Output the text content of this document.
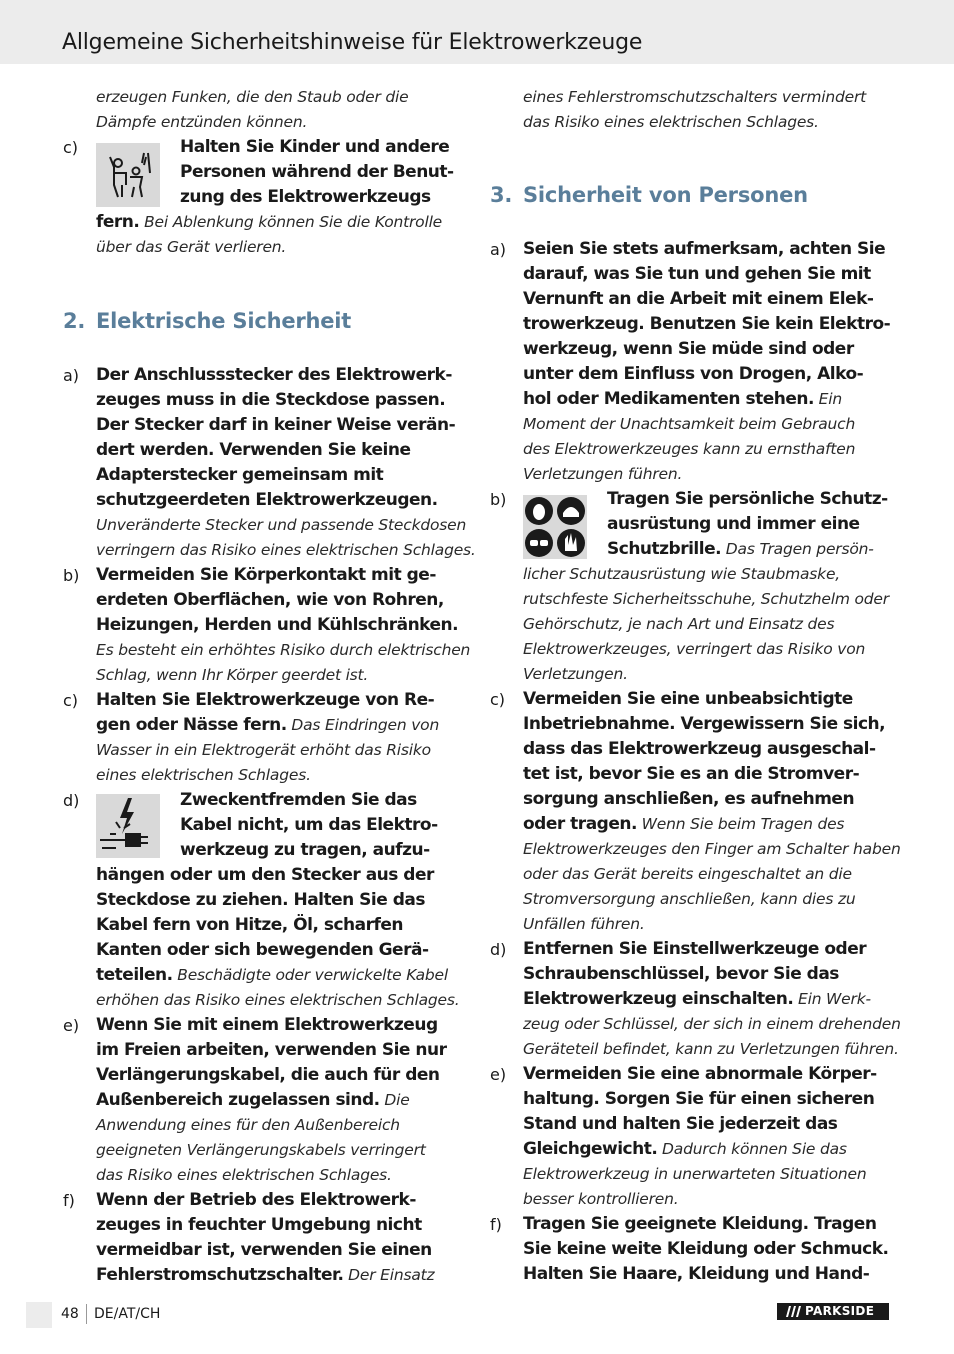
Allgemeine Sicherheitshinweise für Elektrowerkzeuge
erzeugen Funken, die den Staub oder die
Dämpfe entzünden können.
c)	Halten Sie Kinder und andere
Personen während der Benut-
zung des Elektrowerkzeugs
fern. Bei Ablenkung können Sie die Kontrolle
über das Gerät verlieren.
2. Elektrische Sicherheit
a) Der Anschlussstecker des Elektrowerk-
zeuges muss in die Steckdose passen.
Der Stecker darf in keiner Weise verän-
dert werden. Verwenden Sie keine
Adapterstecker gemeinsam mit
schutzgeerdeten Elektrowerkzeugen.
Unveränderte Stecker und passende Steckdosen
verringern das Risiko eines elektrischen Schlages.
b) Vermeiden Sie Körperkontakt mit ge-
erdeten Oberflächen, wie von Rohren,
Heizungen, Herden und Kühlschränken.
Es besteht ein erhöhtes Risiko durch elektrischen
Schlag, wenn Ihr Körper geerdet ist.
c) Halten Sie Elektrowerkzeuge von Re-
gen oder Nässe fern. Das Eindringen von
Wasser in ein Elektrogerät erhöht das Risiko
eines elektrischen Schlages.
d)	Zweckentfremden Sie das
Kabel nicht, um das Elektro-
werkzeug zu tragen, aufzu-
hängen oder um den Stecker aus der
Steckdose zu ziehen. Halten Sie das
Kabel fern von Hitze, Öl, scharfen
Kanten oder sich bewegenden Gerä-
teteilen. Beschädigte oder verwickelte Kabel
erhöhen das Risiko eines elektrischen Schlages.
e) Wenn Sie mit einem Elektrowerkzeug
im Freien arbeiten, verwenden Sie nur
Verlängerungskabel, die auch für den
Außenbereich zugelassen sind. Die
Anwendung eines für den Außenbereich
geeigneten Verlängerungskabels verringert
das Risiko eines elektrischen Schlages.
f) Wenn der Betrieb des Elektrowerk-
zeuges in feuchter Umgebung nicht
vermeidbar ist, verwenden Sie einen
Fehlerstromschutzschalter. Der Einsatz
eines Fehlerstromschutzschalters vermindert
das Risiko eines elektrischen Schlages.
3. Sicherheit von Personen
a) Seien Sie stets aufmerksam, achten Sie
darauf, was Sie tun und gehen Sie mit
Vernunft an die Arbeit mit einem Elek-
trowerkzeug. Benutzen Sie kein Elektro-
werkzeug, wenn Sie müde sind oder
unter dem Einfluss von Drogen, Alko-
hol oder Medikamenten stehen. Ein
Moment der Unachtsamkeit beim Gebrauch
des Elektrowerkzeuges kann zu ernsthaften
Verletzungen führen.
b)	Tragen Sie persönliche Schutz-
ausrüstung und immer eine
Schutzbrille. Das Tragen persön-
licher Schutzausrüstung wie Staubmaske,
rutschfeste Sicherheitsschuhe, Schutzhelm oder
Gehörschutz, je nach Art und Einsatz des
Elektrowerkzeuges, verringert das Risiko von
Verletzungen.
c) Vermeiden Sie eine unbeabsichtigte
Inbetriebnahme. Vergewissern Sie sich,
dass das Elektrowerkzeug ausgeschal-
tet ist, bevor Sie es an die Stromver-
sorgung anschließen, es aufnehmen
oder tragen. Wenn Sie beim Tragen des
Elektrowerkzeuges den Finger am Schalter haben
oder das Gerät bereits eingeschaltet an die
Stromversorgung anschließen, kann dies zu
Unfällen führen.
d) Entfernen Sie Einstellwerkzeuge oder
Schraubenschlüssel, bevor Sie das
Elektrowerkzeug einschalten. Ein Werk-
zeug oder Schlüssel, der sich in einem drehenden
Geräteteil befindet, kann zu Verletzungen führen.
e) Vermeiden Sie eine abnormale Körper-
haltung. Sorgen Sie für einen sicheren
Stand und halten Sie jederzeit das
Gleichgewicht. Dadurch können Sie das
Elektrowerkzeug in unerwarteten Situationen
besser kontrollieren.
f) Tragen Sie geeignete Kleidung. Tragen
Sie keine weite Kleidung oder Schmuck.
Halten Sie Haare, Kleidung und Hand-
48 DE/AT/CH	PARKSIDE
